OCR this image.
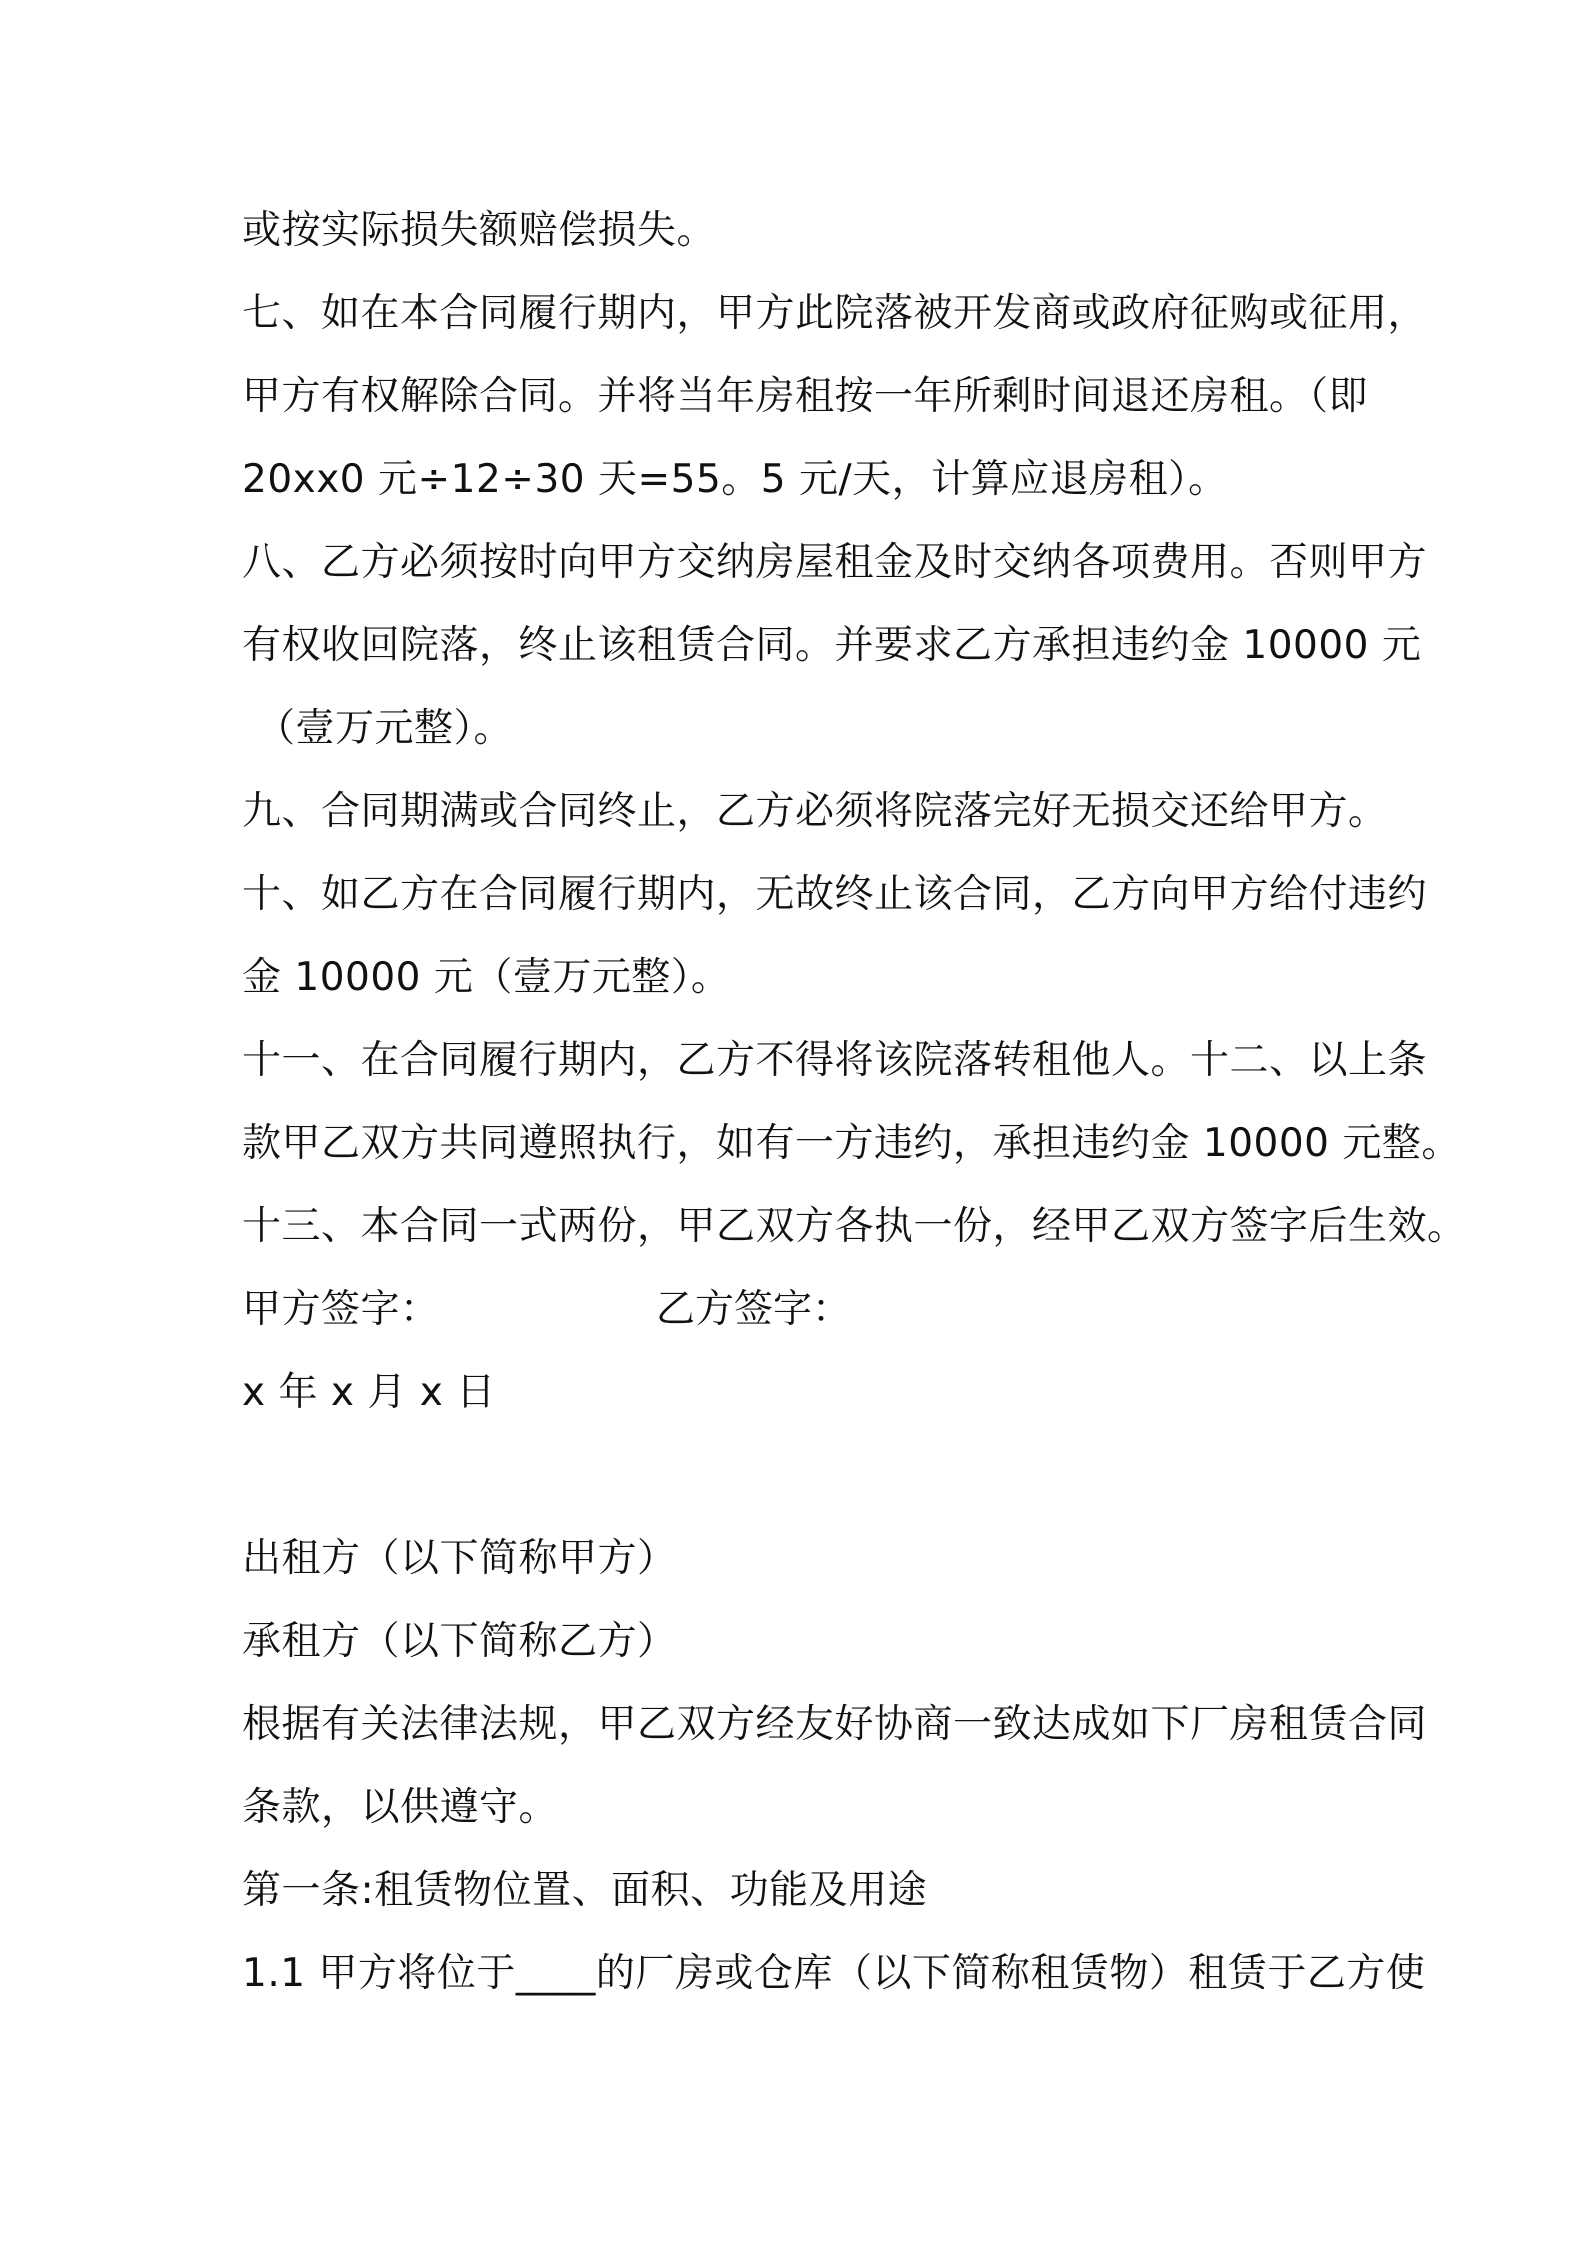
或按实际损失额赔偿损失。
七、如在本合同履行期内，甲方此院落被开发商或政府征购或征用，
甲方有权解除合同。并将当年房租按一年所剩时间退还房租。（即
20xx0 元÷12÷30 天=55。5 元/天，计算应退房租）。
八、乙方必须按时向甲方交纳房屋租金及时交纳各项费用。否则甲方
有权收回院落，终止该租赁合同。并要求乙方承担违约金 10000 元
（壹万元整）。
九、合同期满或合同终止，乙方必须将院落完好无损交还给甲方。
十、如乙方在合同履行期内，无故终止该合同，乙方向甲方给付违约
金 10000 元（壹万元整）。
十一、在合同履行期内，乙方不得将该院落转租他人。十二、以上条
款甲乙双方共同遵照执行，如有一方违约，承担违约金 10000 元整。
十三、本合同一式两份，甲乙双方各执一份，经甲乙双方签字后生效。
甲方签字：	乙方签字：
x 年 x 月 x 日
出租方（以下简称甲方）
承租方（以下简称乙方）
根据有关法律法规，甲乙双方经友好协商一致达成如下厂房租赁合同
条款，以供遵守。
第一条:租赁物位置、面积、功能及用途
1.1 甲方将位于____的厂房或仓库（以下简称租赁物）租赁于乙方使
